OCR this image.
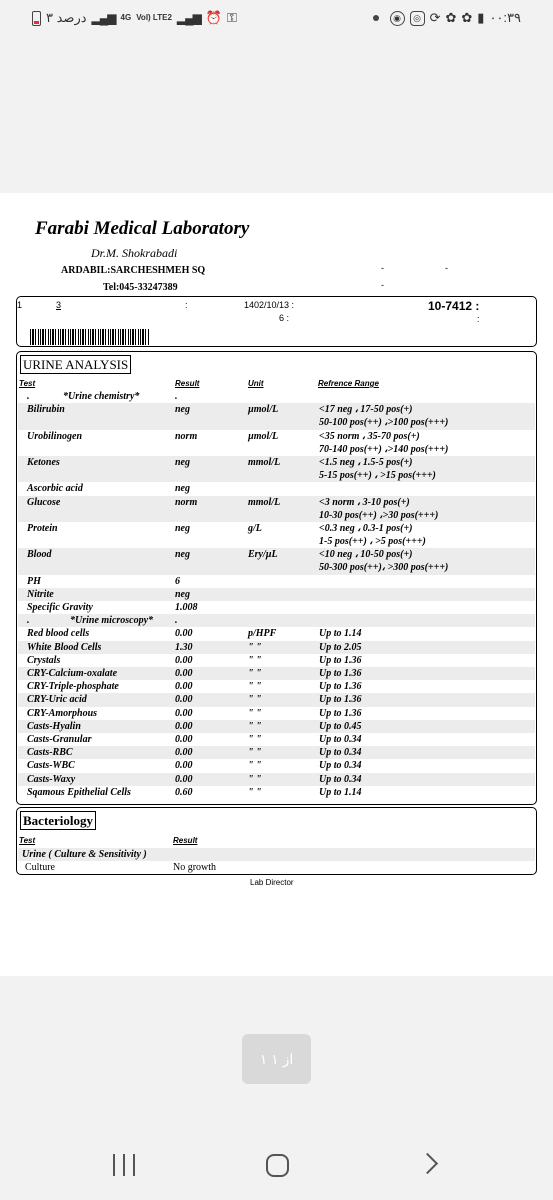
۳ درصد ▂▄▆ 4G VoI) LTE2 ▂▄▆ ⏰ ⚿	◉	◎ ⟳ ✿ ✿ ▮ ۰۰:۳۹
Farabi Medical Laboratory
Dr.M. Shokrabadi
ARDABIL:SARCHESHMEH SQ
Tel:045-33247389
-	-
-
1	3	:	1402/10/13 :
6 :
10-7412 :
:
URINE ANALYSIS
Test	Result	Unit	Refrence Range
.	*Urine chemistry*	.
Bilirubin	neg	µmol/L	<17 neg ، 17-50 pos(+)
50-100 pos(++) ،>100 pos(+++)
Urobilinogen	norm	µmol/L	<35 norm ، 35-70 pos(+)
70-140 pos(++) ،>140 pos(+++)
Ketones	neg	mmol/L	<1.5 neg ، 1.5-5 pos(+)
5-15 pos(++) ، >15 pos(+++)
Ascorbic acid	neg
Glucose	norm	mmol/L	<3 norm ، 3-10 pos(+)
10-30 pos(++) ،>30 pos(+++)
Protein	neg	g/L	<0.3 neg ، 0.3-1 pos(+)
1-5 pos(++) ، >5 pos(+++)
Blood	neg	Ery/µL	<10 neg ، 10-50 pos(+)
50-300 pos(++)، >300 pos(+++)
PH	6
Nitrite	neg
Specific Gravity	1.008
.	*Urine microscopy* .
Red blood cells	0.00	p/HPF	Up to 1.14
White Blood Cells	1.30	" "	Up to 2.05
Crystals	0.00	" "	Up to 1.36
CRY-Calcium-oxalate	0.00	" "	Up to 1.36
CRY-Triple-phosphate	0.00	" "	Up to 1.36
CRY-Uric acid	0.00	" "	Up to 1.36
CRY-Amorphous	0.00	" "	Up to 1.36
Casts-Hyalin	0.00	" "	Up to 0.45
Casts-Granular	0.00	" "	Up to 0.34
Casts-RBC	0.00	" "	Up to 0.34
Casts-WBC	0.00	" "	Up to 0.34
Casts-Waxy	0.00	" "	Up to 0.34
Sqamous Epithelial Cells	0.60	" "	Up to 1.14
Bacteriology
Test	Result
Urine ( Culture & Sensitivity )
Culture	No growth
Lab Director
۱ از ۱
